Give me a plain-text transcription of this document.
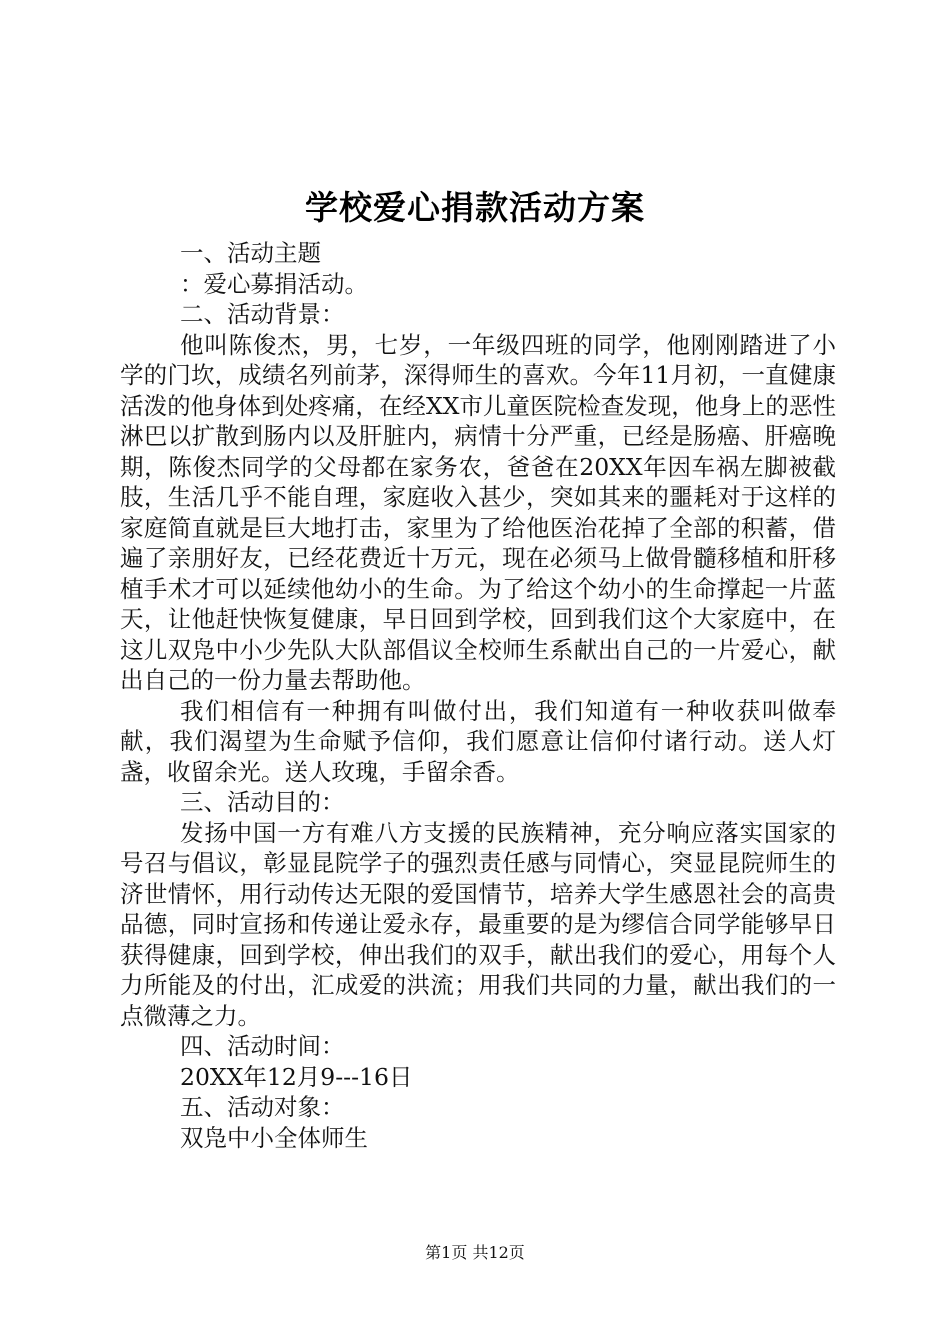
学校爱心捐款活动方案

一、活动主题

：爱心募捐活动。

二、活动背景：

他叫陈俊杰，男，七岁，一年级四班的同学，他刚刚踏进了小学的门坎，成绩名列前茅，深得师生的喜欢。今年11月初，一直健康活泼的他身体到处疼痛，在经XX市儿童医院检查发现，他身上的恶性淋巴以扩散到肠内以及肝脏内，病情十分严重，已经是肠癌、肝癌晚期，陈俊杰同学的父母都在家务农，爸爸在20XX年因车祸左脚被截肢，生活几乎不能自理，家庭收入甚少，突如其来的噩耗对于这样的家庭简直就是巨大地打击，家里为了给他医治花掉了全部的积蓄，借遍了亲朋好友，已经花费近十万元，现在必须马上做骨髓移植和肝移植手术才可以延续他幼小的生命。为了给这个幼小的生命撑起一片蓝天，让他赶快恢复健康，早日回到学校，回到我们这个大家庭中，在这儿双凫中小少先队大队部倡议全校师生系献出自己的一片爱心，献出自己的一份力量去帮助他。

我们相信有一种拥有叫做付出，我们知道有一种收获叫做奉献，我们渴望为生命赋予信仰，我们愿意让信仰付诸行动。送人灯盏，收留余光。送人玫瑰，手留余香。

三、活动目的：

发扬中国一方有难八方支援的民族精神，充分响应落实国家的号召与倡议，彰显昆院学子的强烈责任感与同情心，突显昆院师生的济世情怀，用行动传达无限的爱国情节，培养大学生感恩社会的高贵品德，同时宣扬和传递让爱永存，最重要的是为缪信合同学能够早日获得健康，回到学校，伸出我们的双手，献出我们的爱心，用每个人力所能及的付出，汇成爱的洪流；用我们共同的力量，献出我们的一点微薄之力。

四、活动时间：

20XX年12月9---16日

五、活动对象：

双凫中小全体师生

第1页 共12页
